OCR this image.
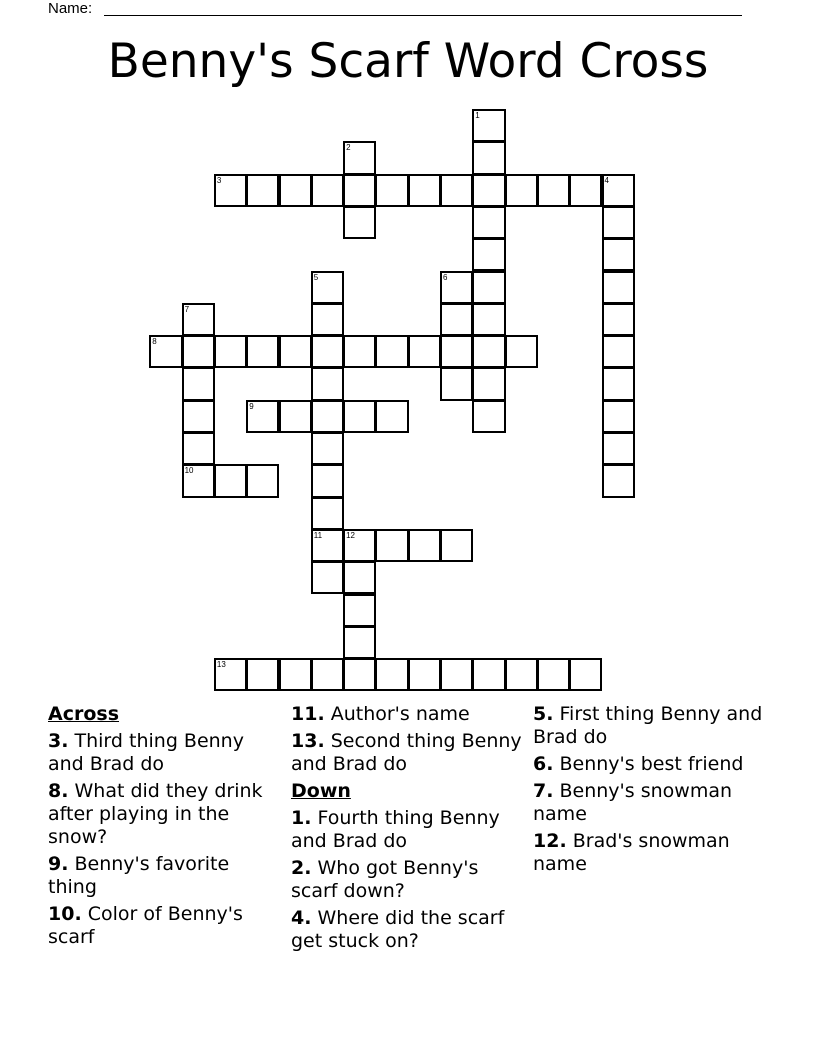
Name:
Benny's Scarf Word Cross
1
2
3	4
5
11
6
7
10
8
9
12
13
Across
3. Third thing Benny and Brad do
8. What did they drink after playing in the snow?
9. Benny's favorite thing
10. Color of Benny's scarf
11. Author's name
13. Second thing Benny and Brad do
Down
1. Fourth thing Benny and Brad do
2. Who got Benny's scarf down?
4. Where did the scarf get stuck on?
5. First thing Benny and Brad do
6. Benny's best friend
7. Benny's snowman name
12. Brad's snowman name
